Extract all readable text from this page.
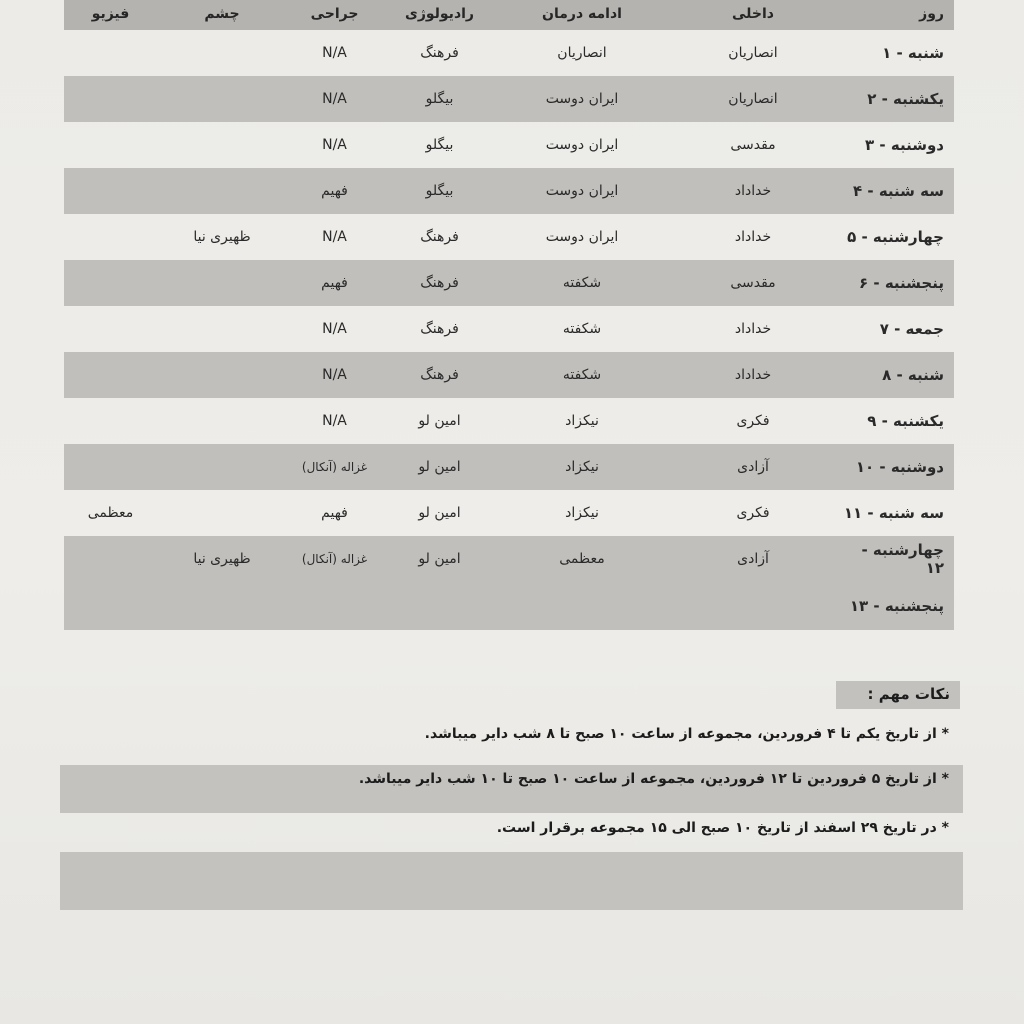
روز	داخلی	ادامه درمان	رادیولوژی	جراحی	چشم	فیزیو
شنبه - ۱	انصاریان	انصاریان	فرهنگ	N/A		
یکشنبه - ۲	انصاریان	ایران دوست	بیگلو	N/A		
دوشنبه - ۳	مقدسی	ایران دوست	بیگلو	N/A		
سه شنبه - ۴	خداداد	ایران دوست	بیگلو	فهیم		
چهارشنبه - ۵	خداداد	ایران دوست	فرهنگ	N/A	ظهیری نیا	
پنجشنبه - ۶	مقدسی	شکفته	فرهنگ	فهیم		
جمعه - ۷	خداداد	شکفته	فرهنگ	N/A		
شنبه - ۸	خداداد	شکفته	فرهنگ	N/A		
یکشنبه - ۹	فکری	نیکزاد	امین لو	N/A		
دوشنبه - ۱۰	آزادی	نیکزاد	امین لو	غزاله (آنکال)		
سه شنبه - ۱۱	فکری	نیکزاد	امین لو	فهیم		معظمی
چهارشنبه - ۱۲	آزادی	معظمی	امین لو	غزاله (آنکال)	ظهیری نیا	
پنجشنبه - ۱۳						
نکات مهم :
* از تاریخ یکم تا ۴ فروردین، مجموعه از ساعت ۱۰ صبح تا ۸ شب دایر میباشد.
* از تاریخ ۵ فروردین تا ۱۲ فروردین، مجموعه از ساعت ۱۰ صبح تا ۱۰ شب دایر میباشد.
* در تاریخ ۲۹ اسفند از تاریخ ۱۰ صبح الی ۱۵ مجموعه برقرار است.
